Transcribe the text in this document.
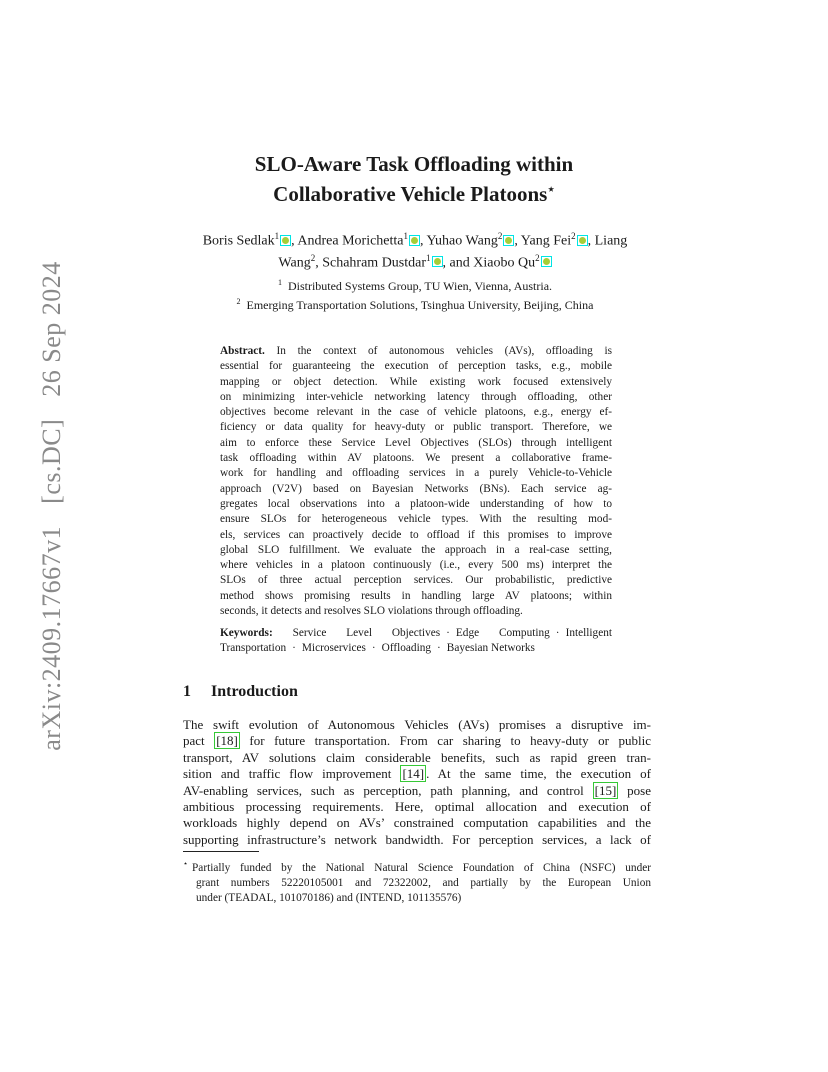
arXiv:2409.17667v1[cs.DC]26 Sep 2024
SLO-Aware Task Offloading within
Collaborative Vehicle Platoons⋆
Boris Sedlak$^1$ , Andrea Morichetta$^1$ , Yuhao Wang$^2$ , Yang Fei$^2$ , Liang
Wang$^2$, Schahram Dustdar$^1$ , and Xiaobo Qu$^2$
$^1$ Distributed Systems Group, TU Wien, Vienna, Austria.
$^2$ Emerging Transportation Solutions, Tsinghua University, Beijing, China
Abstract. In the context of autonomous vehicles (AVs), offloading is
essential for guaranteeing the execution of perception tasks, e.g., mobile
mapping or object detection. While existing work focused extensively
on minimizing inter-vehicle networking latency through offloading, other
objectives become relevant in the case of vehicle platoons, e.g., energy ef-
ficiency or data quality for heavy-duty or public transport. Therefore, we
aim to enforce these Service Level Objectives (SLOs) through intelligent
task offloading within AV platoons. We present a collaborative frame-
work for handling and offloading services in a purely Vehicle-to-Vehicle
approach (V2V) based on Bayesian Networks (BNs). Each service ag-
gregates local observations into a platoon-wide understanding of how to
ensure SLOs for heterogeneous vehicle types. With the resulting mod-
els, services can proactively decide to offload if this promises to improve
global SLO fulfillment. We evaluate the approach in a real-case setting,
where vehicles in a platoon continuously (i.e., every 500 ms) interpret the
SLOs of three actual perception services. Our probabilistic, predictive
method shows promising results in handling large AV platoons; within
seconds, it detects and resolves SLO violations through offloading.
Keywords: Service Level Objectives · Edge Computing · Intelligent
Transportation · Microservices · Offloading · Bayesian Networks
1 Introduction
The swift evolution of Autonomous Vehicles (AVs) promises a disruptive im-
pact [18] for future transportation. From car sharing to heavy-duty or public
transport, AV solutions claim considerable benefits, such as rapid green tran-
sition and traffic flow improvement [14] . At the same time, the execution of
AV-enabling services, such as perception, path planning, and control [15] pose
ambitious processing requirements. Here, optimal allocation and execution of
workloads highly depend on AVs’ constrained computation capabilities and the
supporting infrastructure’s network bandwidth. For perception services, a lack of
⋆ Partially funded by the National Natural Science Foundation of China (NSFC) under
grant numbers 52220105001 and 72322002, and partially by the European Union
under (TEADAL, 101070186) and (INTEND, 101135576)
